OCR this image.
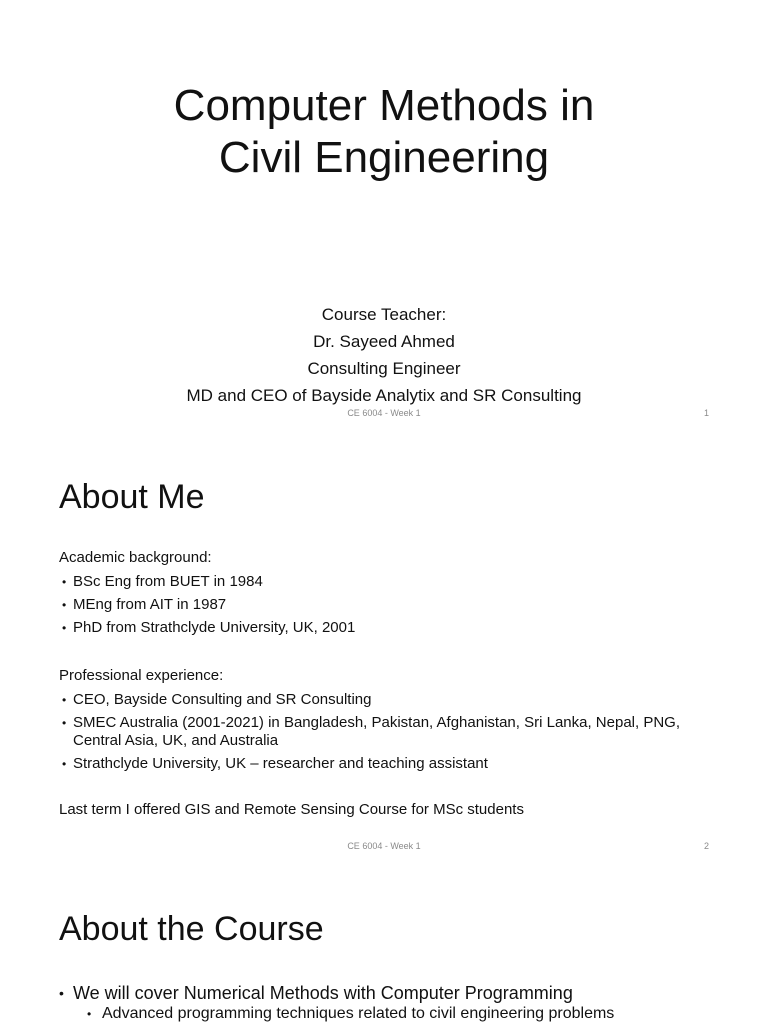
Computer Methods in
Civil Engineering
Course Teacher:
Dr. Sayeed Ahmed
Consulting Engineer
MD and CEO of Bayside Analytix and SR Consulting
CE 6004 - Week 1	1
About Me
Academic background:
• BSc Eng from BUET in 1984
• MEng from AIT in 1987
• PhD from Strathclyde University, UK, 2001
Professional experience:
• CEO, Bayside Consulting and SR Consulting
• SMEC Australia (2001-2021) in Bangladesh, Pakistan, Afghanistan, Sri Lanka, Nepal, PNG, Central Asia, UK, and Australia
• Strathclyde University, UK – researcher and teaching assistant
Last term I offered GIS and Remote Sensing Course for MSc students
CE 6004 - Week 1	2
About the Course
• We will cover Numerical Methods with Computer Programming
• Advanced programming techniques related to civil engineering problems
